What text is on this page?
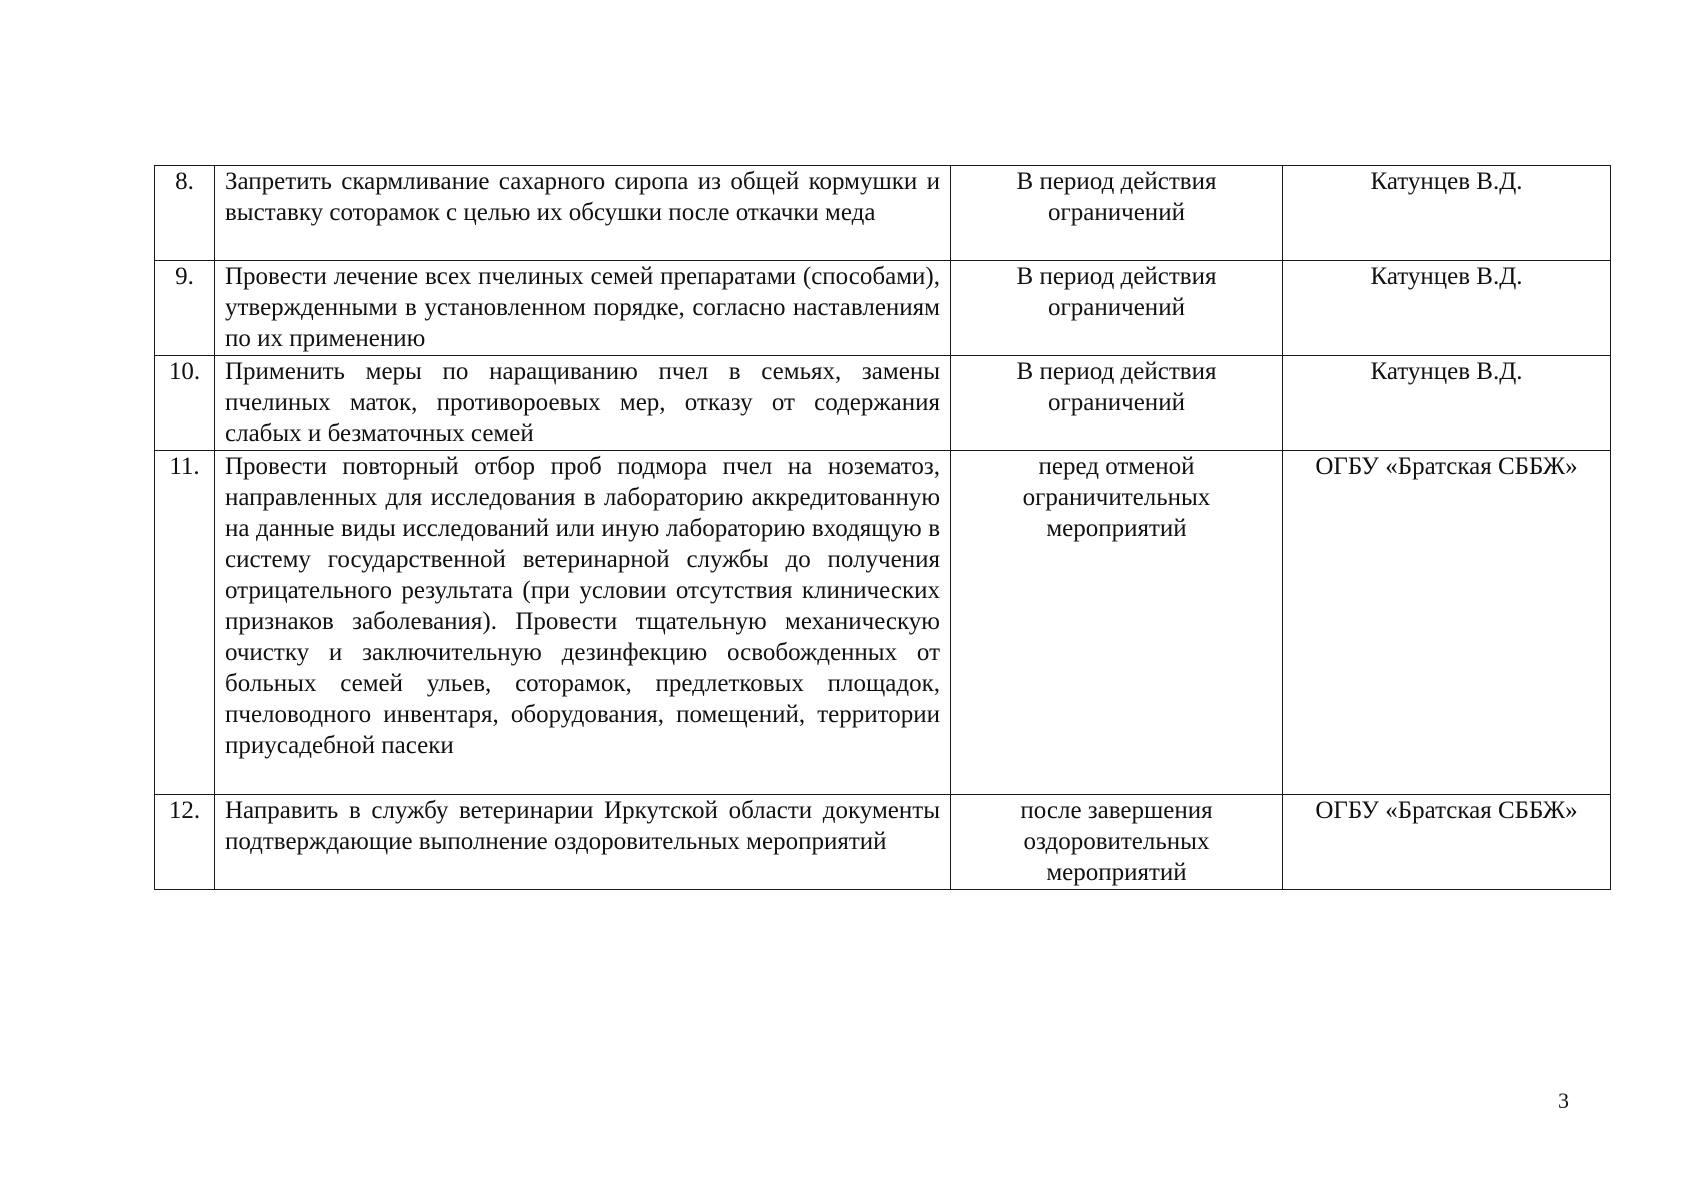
8.	Запретить скармливание сахарного сиропа из общей кормушки и выставку соторамок с целью их обсушки после откачки меда	В период действия ограничений	Катунцев В.Д.
9.	Провести лечение всех пчелиных семей препаратами (способами), утвержденными в установленном порядке, согласно наставлениям по их применению	В период действия ограничений	Катунцев В.Д.
10.	Применить меры по наращиванию пчел в семьях, замены пчелиных маток, противороевых мер, отказу от содержания слабых и безматочных семей	В период действия ограничений	Катунцев В.Д.
11.	Провести повторный отбор проб подмора пчел на нозематоз, направленных для исследования в лабораторию аккредитованную на данные виды исследований или иную лабораторию входящую в систему государственной ветеринарной службы до получения отрицательного результата (при условии отсутствия клинических признаков заболевания). Провести тщательную механическую очистку и заключительную дезинфекцию освобожденных от больных семей ульев, соторамок, предлетковых площадок, пчеловодного инвентаря, оборудования, помещений, территории приусадебной пасеки	перед отменой ограничительных мероприятий	ОГБУ «Братская СББЖ»
12.	Направить в службу ветеринарии Иркутской области документы подтверждающие выполнение оздоровительных мероприятий	после завершения оздоровительных мероприятий	ОГБУ «Братская СББЖ»
3
